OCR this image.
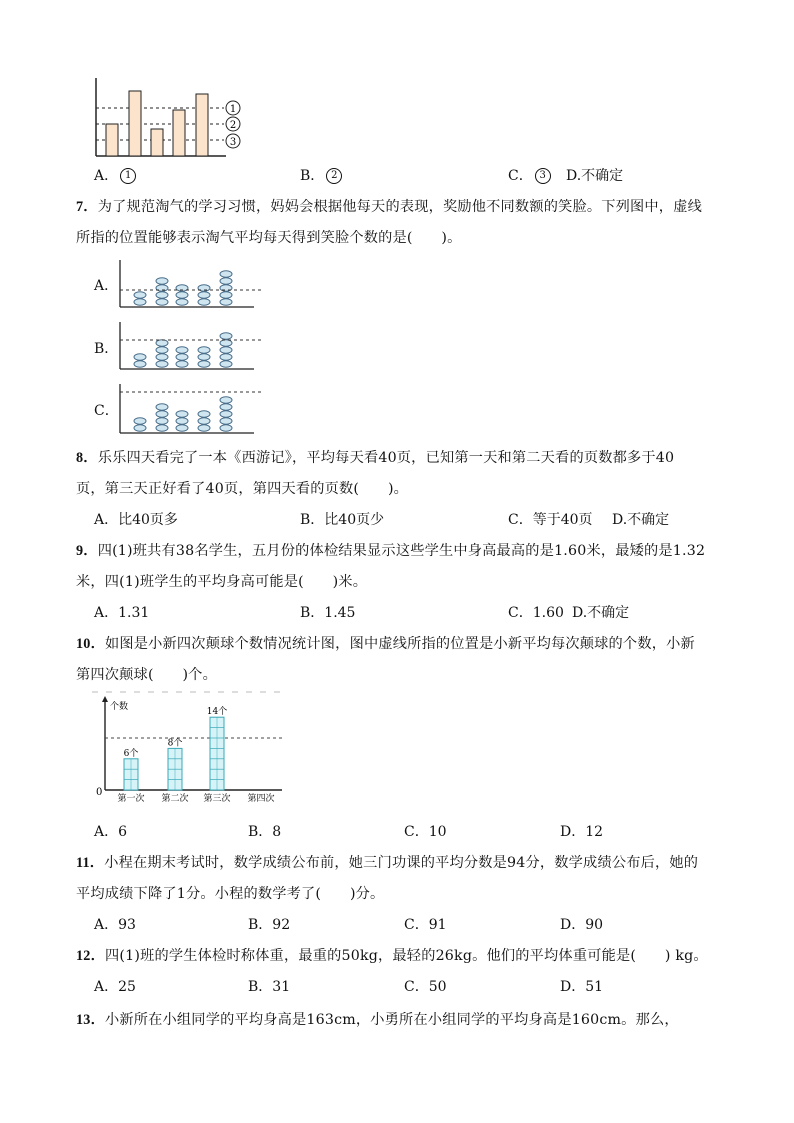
1
2
3
A． 1	B． 2	C． 3	D.不确定
7．为了规范淘气的学习习惯，妈妈会根据他每天的表现，奖励他不同数额的笑脸。下列图中，虚线
所指的位置能够表示淘气平均每天得到笑脸个数的是(　　)。
A．
B．
C．
8．乐乐四天看完了一本《西游记》，平均每天看40页，已知第一天和第二天看的页数都多于40
页，第三天正好看了40页，第四天看的页数(　　)。
A．比40页多	B．比40页少	C．等于40页 D.不确定
9．四(1)班共有38名学生，五月份的体检结果显示这些学生中身高最高的是1.60米，最矮的是1.32
米，四(1)班学生的平均身高可能是(　　)米。
A．1.31	B．1.45	C．1.60 D.不确定
10．如图是小新四次颠球个数情况统计图，图中虚线所指的位置是小新平均每次颠球的个数，小新
第四次颠球(　　)个。
个数
0
6个
8个
14个
第一次 第二次 第三次 第四次
A．6	B．8	C．10	D．12
11．小程在期末考试时，数学成绩公布前，她三门功课的平均分数是94分，数学成绩公布后，她的
平均成绩下降了1分。小程的数学考了(　　)分。
A．93	B．92	C．91	D．90
12．四(1)班的学生体检时称体重，最重的50kg，最轻的26kg。他们的平均体重可能是(　　) kg。
A．25	B．31	C．50	D．51
13．小新所在小组同学的平均身高是163cm，小勇所在小组同学的平均身高是160cm。那么，
